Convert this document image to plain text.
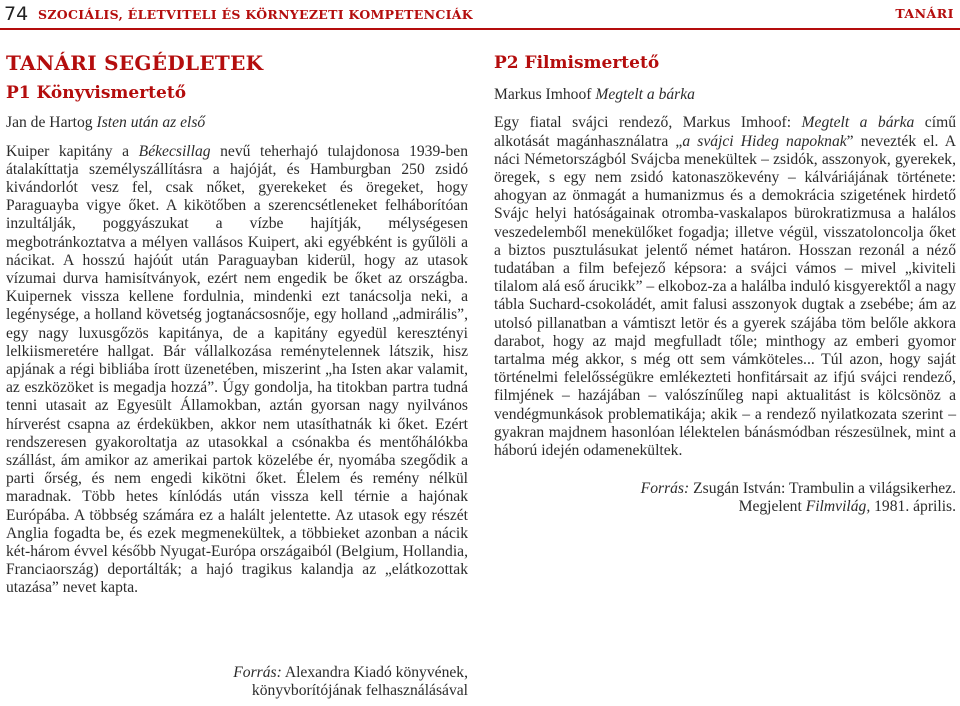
74 SZOCIÁLIS, ÉLETVITELI ÉS KÖRNYEZETI KOMPETENCIÁK	TANÁRI
TANÁRI SEGÉDLETEK
P1 Könyvismertető
Jan de Hartog Isten után az első

Kuiper kapitány a Békecsillag nevű teherhajó tulajdonosa 1939-ben átalakíttatja személyszállításra a hajóját, és Hamburgban 250 zsidó kivándorlót vesz fel, csak nőket, gyerekeket és öregeket, hogy Paraguayba vigye őket. A kikötőben a szerencsétleneket felháborítóan inzultálják, poggyászukat a vízbe hajítják, mélységesen megbotránkoztatva a mélyen vallásos Kuipert, aki egyébként is gyűlöli a nácikat. A hosszú hajóút után Paraguayban kiderül, hogy az utasok vízumai durva hamisítványok, ezért nem engedik be őket az országba. Kuipernek vissza kellene fordulnia, mindenki ezt tanácsolja neki, a legénysége, a holland követség jogtanácsosnője, egy holland „admirális”, egy nagy luxusgőzös kapitánya, de a kapitány egyedül keresztényi lelkiismeretére hallgat. Bár vállalkozása reménytelennek látszik, hisz apjának a régi bibliába írott üzenetében, miszerint „ha Isten akar valamit, az eszközöket is megadja hozzá”. Úgy gondolja, ha titokban partra tudná tenni utasait az Egyesült Államokban, aztán gyorsan nagy nyilvános hírverést csapna az érdekükben, akkor nem utasíthatnák ki őket. Ezért rendszeresen gyakoroltatja az utasokkal a csónakba és mentőhálókba szállást, ám amikor az amerikai partok közelébe ér, nyomába szegődik a parti őrség, és nem engedi kikötni őket. Élelem és remény nélkül maradnak. Több hetes kínlódás után vissza kell térnie a hajónak Európába. A többség számára ez a halált jelentette. Az utasok egy részét Anglia fogadta be, és ezek megmenekültek, a többieket azonban a nácik két-három évvel később Nyugat-Európa országaiból (Belgium, Hollandia, Franciaország) deportálták; a hajó tragikus kalandja az „elátkozottak utazása” nevet kapta.

Forrás: Alexandra Kiadó könyvének,
könyvborítójának felhasználásával
P2 Filmismertető
Markus Imhoof Megtelt a bárka

Egy fiatal svájci rendező, Markus Imhoof: Megtelt a bárka című alkotását magánhasználatra „a svájci Hideg napoknak” nevezték el. A náci Németországból Svájcba menekültek – zsidók, asszonyok, gyerekek, öregek, s egy nem zsidó katonaszökevény – kálváriájának története: ahogyan az önmagát a humanizmus és a demokrácia szigetének hirdető Svájc helyi hatóságainak otromba-vaskalapos bürokratizmusa a halálos veszedelemből menekülőket fogadja; illetve végül, visszatoloncolja őket a biztos pusztulásukat jelentő német határon. Hosszan rezonál a néző tudatában a film befejező képsora: a svájci vámos – mivel „kiviteli tilalom alá eső árucikk” – elkoboz-za a halálba induló kisgyerektől a nagy tábla Suchard-csokoládét, amit falusi asszonyok dugtak a zsebébe; ám az utolsó pillanatban a vámtiszt letör és a gyerek szájába töm belőle akkora darabot, hogy az majd megfulladt tőle; minthogy az emberi gyomor tartalma még akkor, s még ott sem vámköteles... Túl azon, hogy saját történelmi felelősségükre emlékezteti honfitársait az ifjú svájci rendező, filmjének – hazájában – valószínűleg napi aktualitást is kölcsönöz a vendégmunkások problematikája; akik – a rendező nyilatkozata szerint – gyakran majdnem hasonlóan lélektelen bánásmódban részesülnek, mint a háború idején odamenekültek.

Forrás: Zsugán István: Trambulin a világsikerhez.
Megjelent Filmvilág, 1981. április.
